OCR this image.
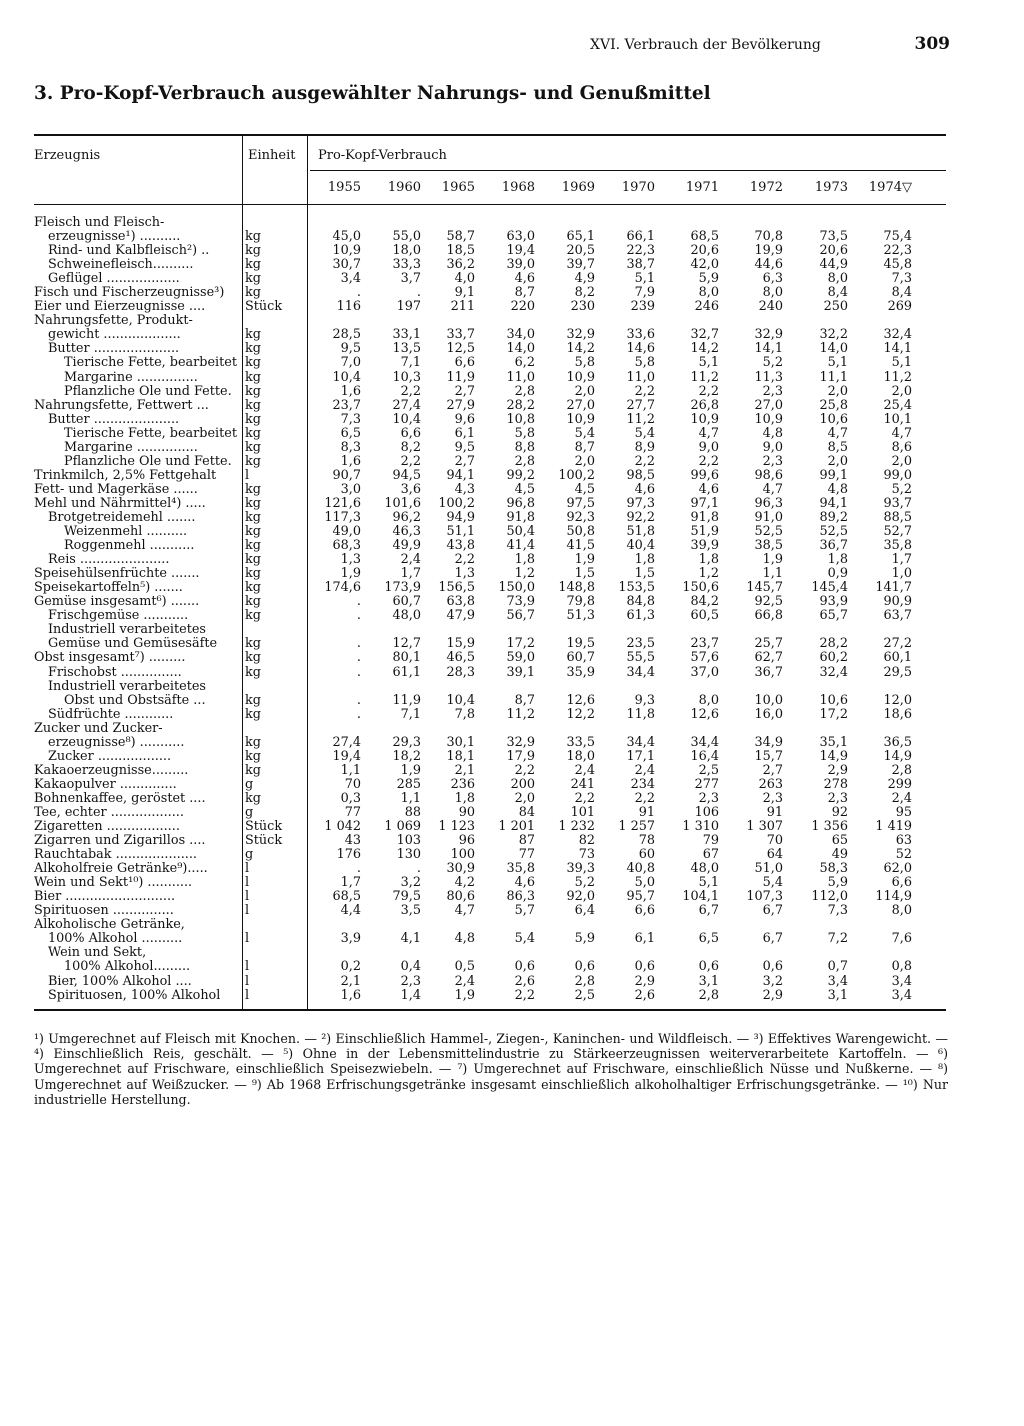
XVI. Verbrauch der Bevölkerung	309
3. Pro-Kopf-Verbrauch ausgewählter Nahrungs- und Genußmittel
Erzeugnis	Einheit Pro-Kopf-Verbrauch
1955	1960	1965	1968	1969	1970	1971	1972	1973	1974▽
Fleisch und Fleisch-
erzeugnisse¹) ..........	kg	45,0	55,0	58,7	63,0	65,1	66,1	68,5	70,8	73,5	75,4
Rind- und Kalbfleisch²) ..	kg	10,9	18,0	18,5	19,4	20,5	22,3	20,6	19,9	20,6	22,3
Schweinefleisch..........	kg	30,7	33,3	36,2	39,0	39,7	38,7	42,0	44,6	44,9	45,8
Geflügel ..................	kg	3,4	3,7	4,0	4,6	4,9	5,1	5,9	6,3	8,0	7,3
Fisch und Fischerzeugnisse³)	kg	.	.	9,1	8,7	8,2	7,9	8,0	8,0	8,4	8,4
Eier und Eierzeugnisse ....	Stück	116	197	211	220	230	239	246	240	250	269
Nahrungsfette, Produkt-
gewicht ...................	kg	28,5	33,1	33,7	34,0	32,9	33,6	32,7	32,9	32,2	32,4
Butter .....................	kg	9,5	13,5	12,5	14,0	14,2	14,6	14,2	14,1	14,0	14,1
Tierische Fette, bearbeitet kg	7,0	7,1	6,6	6,2	5,8	5,8	5,1	5,2	5,1	5,1
Margarine ...............	kg	10,4	10,3	11,9	11,0	10,9	11,0	11,2	11,3	11,1	11,2
Pflanzliche Öle und Fette.	kg	1,6	2,2	2,7	2,8	2,0	2,2	2,2	2,3	2,0	2,0
Nahrungsfette, Fettwert ...	kg	23,7	27,4	27,9	28,2	27,0	27,7	26,8	27,0	25,8	25,4
Butter .....................	kg	7,3	10,4	9,6	10,8	10,9	11,2	10,9	10,9	10,6	10,1
Tierische Fette, bearbeitet kg	6,5	6,6	6,1	5,8	5,4	5,4	4,7	4,8	4,7	4,7
Margarine ...............	kg	8,3	8,2	9,5	8,8	8,7	8,9	9,0	9,0	8,5	8,6
Pflanzliche Öle und Fette.	kg	1,6	2,2	2,7	2,8	2,0	2,2	2,2	2,3	2,0	2,0
Trinkmilch, 2,5% Fettgehalt	l	90,7	94,5	94,1	99,2	100,2	98,5	99,6	98,6	99,1	99,0
Fett- und Magerkäse ......	kg	3,0	3,6	4,3	4,5	4,5	4,6	4,6	4,7	4,8	5,2
Mehl und Nährmittel⁴) .....	kg	121,6	101,6	100,2	96,8	97,5	97,3	97,1	96,3	94,1	93,7
Brotgetreidemehl .......	kg	117,3	96,2	94,9	91,8	92,3	92,2	91,8	91,0	89,2	88,5
Weizenmehl ..........	kg	49,0	46,3	51,1	50,4	50,8	51,8	51,9	52,5	52,5	52,7
Roggenmehl ...........	kg	68,3	49,9	43,8	41,4	41,5	40,4	39,9	38,5	36,7	35,8
Reis ......................	kg	1,3	2,4	2,2	1,8	1,9	1,8	1,8	1,9	1,8	1,7
Speisehülsenfrüchte .......	kg	1,9	1,7	1,3	1,2	1,5	1,5	1,2	1,1	0,9	1,0
Speisekartoffeln⁵) .......	kg	174,6	173,9	156,5	150,0	148,8	153,5	150,6	145,7	145,4	141,7
Gemüse insgesamt⁶) .......	kg	.	60,7	63,8	73,9	79,8	84,8	84,2	92,5	93,9	90,9
Frischgemüse ...........	kg	.	48,0	47,9	56,7	51,3	61,3	60,5	66,8	65,7	63,7
Industriell verarbeitetes
Gemüse und Gemüsesäfte	kg	.	12,7	15,9	17,2	19,5	23,5	23,7	25,7	28,2	27,2
Obst insgesamt⁷) .........	kg	.	80,1	46,5	59,0	60,7	55,5	57,6	62,7	60,2	60,1
Frischobst ...............	kg	.	61,1	28,3	39,1	35,9	34,4	37,0	36,7	32,4	29,5
Industriell verarbeitetes
Obst und Obstsäfte ...	kg	.	11,9	10,4	8,7	12,6	9,3	8,0	10,0	10,6	12,0
Südfrüchte ............	kg	.	7,1	7,8	11,2	12,2	11,8	12,6	16,0	17,2	18,6
Zucker und Zucker-
erzeugnisse⁸) ...........	kg	27,4	29,3	30,1	32,9	33,5	34,4	34,4	34,9	35,1	36,5
Zucker ..................	kg	19,4	18,2	18,1	17,9	18,0	17,1	16,4	15,7	14,9	14,9
Kakaoerzeugnisse.........	kg	1,1	1,9	2,1	2,2	2,4	2,4	2,5	2,7	2,9	2,8
Kakaopulver ..............	g	70	285	236	200	241	234	277	263	278	299
Bohnenkaffee, geröstet ....	kg	0,3	1,1	1,8	2,0	2,2	2,2	2,3	2,3	2,3	2,4
Tee, echter ..................	g	77	88	90	84	101	91	106	91	92	95
Zigaretten ..................	Stück	1 042	1 069	1 123	1 201	1 232	1 257	1 310	1 307	1 356	1 419
Zigarren und Zigarillos ....	Stück	43	103	96	87	82	78	79	70	65	63
Rauchtabak ....................	g	176	130	100	77	73	60	67	64	49	52
Alkoholfreie Getränke⁹).....	l	.	.	30,9	35,8	39,3	40,8	48,0	51,0	58,3	62,0
Wein und Sekt¹⁰) ...........	l	1,7	3,2	4,2	4,6	5,2	5,0	5,1	5,4	5,9	6,6
Bier ...........................	l	68,5	79,5	80,6	86,3	92,0	95,7	104,1	107,3	112,0	114,9
Spirituosen ...............	l	4,4	3,5	4,7	5,7	6,4	6,6	6,7	6,7	7,3	8,0
Alkoholische Getränke,
100% Alkohol ..........	l	3,9	4,1	4,8	5,4	5,9	6,1	6,5	6,7	7,2	7,6
Wein und Sekt,
100% Alkohol.........	l	0,2	0,4	0,5	0,6	0,6	0,6	0,6	0,6	0,7	0,8
Bier, 100% Alkohol ....	l	2,1	2,3	2,4	2,6	2,8	2,9	3,1	3,2	3,4	3,4
Spirituosen, 100% Alkohol	l	1,6	1,4	1,9	2,2	2,5	2,6	2,8	2,9	3,1	3,4
¹) Umgerechnet auf Fleisch mit Knochen. — ²) Einschließlich Hammel-, Ziegen-, Kaninchen- und Wildfleisch. — ³) Effektives Warengewicht. — ⁴) Einschließlich Reis, geschält. — ⁵) Ohne in der Lebensmittelindustrie zu Stärkeerzeugnissen weiterverarbeitete Kartoffeln. — ⁶) Umgerechnet auf Frischware, einschließlich Speisezwiebeln. — ⁷) Umgerechnet auf Frischware, einschließlich Nüsse und Nußkerne. — ⁸) Umgerechnet auf Weißzucker. — ⁹) Ab 1968 Erfrischungsgetränke insgesamt einschließlich alkoholhaltiger Erfrischungsgetränke. — ¹⁰) Nur industrielle Herstellung.
